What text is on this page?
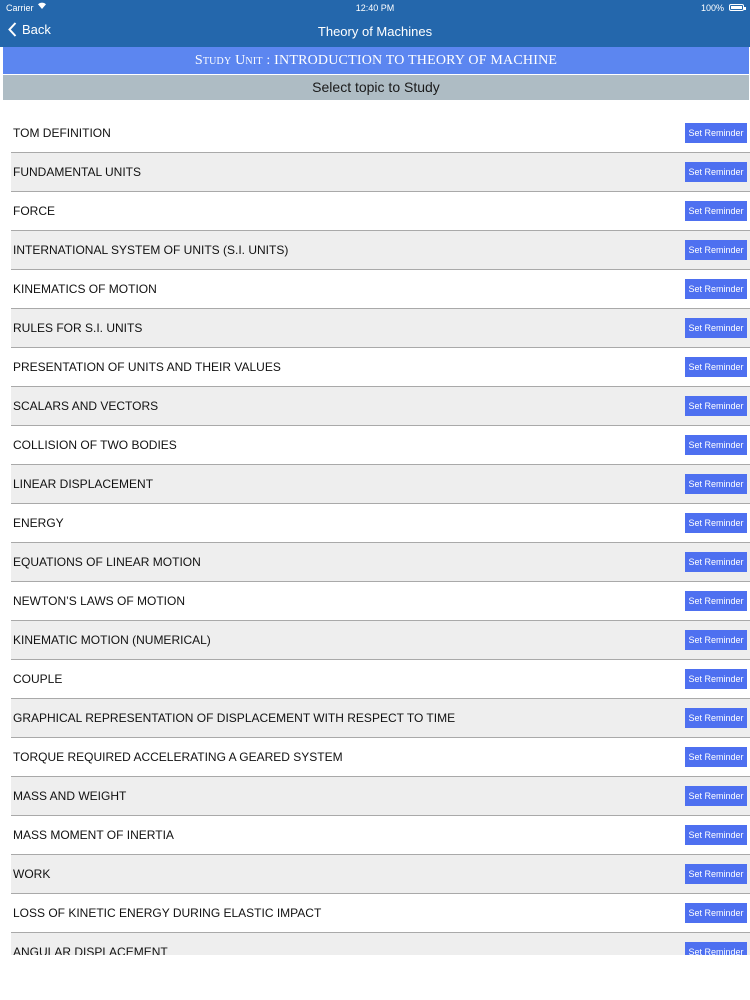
Carrier	12:40 PM	100%
Back	Theory of Machines
Study Unit : INTRODUCTION TO THEORY OF MACHINE
Select topic to Study
TOM DEFINITION	Set Reminder
FUNDAMENTAL UNITS	Set Reminder
FORCE	Set Reminder
INTERNATIONAL SYSTEM OF UNITS (S.I. UNITS)	Set Reminder
KINEMATICS OF MOTION	Set Reminder
RULES FOR S.I. UNITS	Set Reminder
PRESENTATION OF UNITS AND THEIR VALUES	Set Reminder
SCALARS AND VECTORS	Set Reminder
COLLISION OF TWO BODIES	Set Reminder
LINEAR DISPLACEMENT	Set Reminder
ENERGY	Set Reminder
EQUATIONS OF LINEAR MOTION	Set Reminder
NEWTON’S LAWS OF MOTION	Set Reminder
KINEMATIC MOTION (NUMERICAL)	Set Reminder
COUPLE	Set Reminder
GRAPHICAL REPRESENTATION OF DISPLACEMENT WITH RESPECT TO TIME	Set Reminder
TORQUE REQUIRED ACCELERATING A GEARED SYSTEM	Set Reminder
MASS AND WEIGHT	Set Reminder
MASS MOMENT OF INERTIA	Set Reminder
WORK	Set Reminder
LOSS OF KINETIC ENERGY DURING ELASTIC IMPACT	Set Reminder
ANGULAR DISPLACEMENT	Set Reminder
